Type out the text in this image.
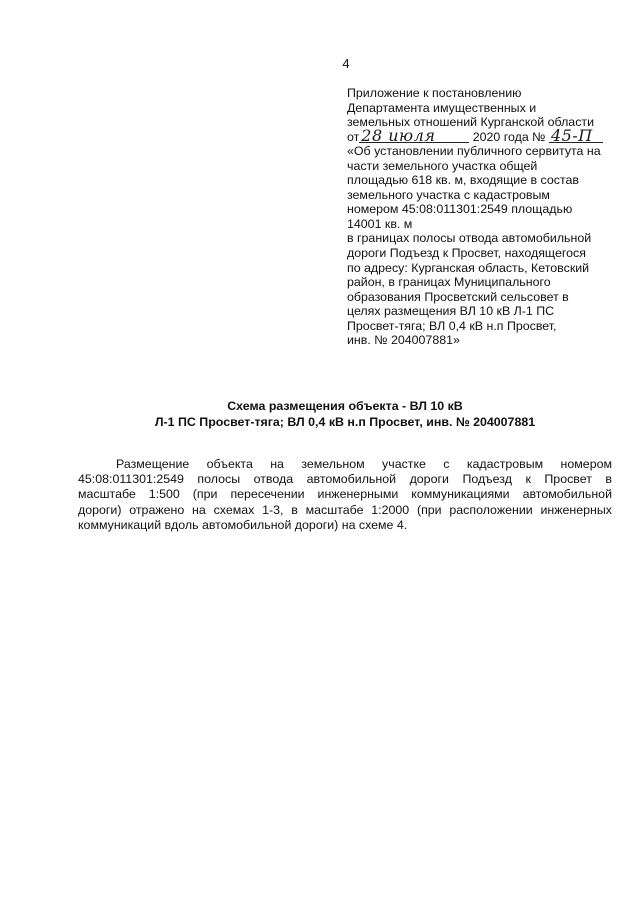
4
Приложение к постановлению
Департамента имущественных и
земельных отношений Курганской области
от 28 июля	2020 года № 45-П
«Об установлении публичного сервитута на
части земельного участка общей
площадью 618 кв. м, входящие в состав
земельного участка с кадастровым
номером 45:08:011301:2549 площадью
14001 кв. м
в границах полосы отвода автомобильной
дороги Подъезд к Просвет, находящегося
по адресу: Курганская область, Кетовский
район, в границах Муниципального
образования Просветский сельсовет в
целях размещения ВЛ 10 кВ Л-1 ПС
Просвет-тяга; ВЛ 0,4 кВ н.п Просвет,
инв. № 204007881»
Схема размещения объекта - ВЛ 10 кВ
Л-1 ПС Просвет-тяга; ВЛ 0,4 кВ н.п Просвет, инв. № 204007881
Размещение объекта на земельном участке с кадастровым номером
45:08:011301:2549 полосы отвода автомобильной дороги Подъезд к Просвет в
масштабе 1:500 (при пересечении инженерными коммуникациями автомобильной
дороги) отражено на схемах 1-3, в масштабе 1:2000 (при расположении инженерных
коммуникаций вдоль автомобильной дороги) на схеме 4.
